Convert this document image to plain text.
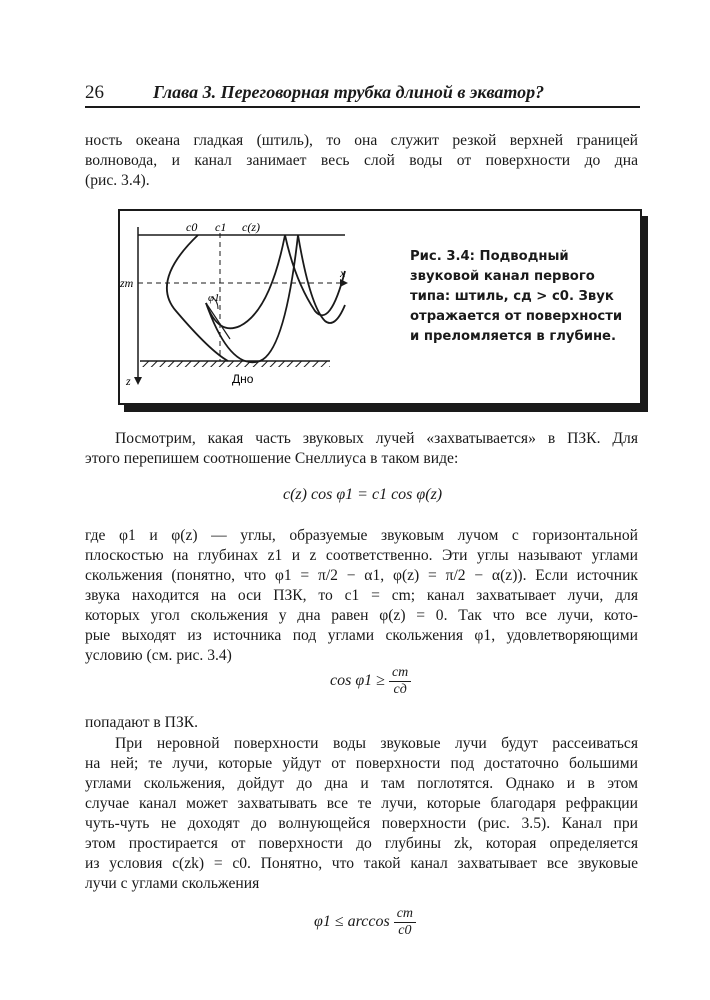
26	Глава 3. Переговорная трубка длиной в экватор?
ность океана гладкая (штиль), то она служит резкой верхней границей
волновода, и канал занимает весь слой воды от поверхности до дна
(рис. 3.4).
c0 c1 c(z)
zm
x
z
φ1
Дно
Рис. 3.4: Подводный звуковой канал первого типа: штиль, cд > c0. Звук отражается от поверхности и преломляется в глубине.
Посмотрим, какая часть звуковых лучей «захватывается» в ПЗК. Для
этого перепишем соотношение Снеллиуса в таком виде:
c(z) cos φ1 = c1 cos φ(z)
где φ1 и φ(z) — углы, образуемые звуковым лучом с горизонтальной
плоскостью на глубинах z1 и z соответственно. Эти углы называют углами
скольжения (понятно, что φ1 = π/2 − α1, φ(z) = π/2 − α(z)). Если источник
звука находится на оси ПЗК, то c1 = cm; канал захватывает лучи, для
которых угол скольжения у дна равен φ(z) = 0. Так что все лучи, кото-
рые выходят из источника под углами скольжения φ1, удовлетворяющими
условию (см. рис. 3.4)
$\cos \varphi 1 \ge \frac{cm}{cд}$
попадают в ПЗК.
При неровной поверхности воды звуковые лучи будут рассеиваться
на ней; те лучи, которые уйдут от поверхности под достаточно большими
углами скольжения, дойдут до дна и там поглотятся. Однако и в этом
случае канал может захватывать все те лучи, которые благодаря рефракции
чуть-чуть не доходят до волнующейся поверхности (рис. 3.5). Канал при
этом простирается от поверхности до глубины zk, которая определяется
из условия c(zk) = c0. Понятно, что такой канал захватывает все звуковые
лучи с углами скольжения
$\varphi 1 \le \arccos \frac{cm}{c0}$
